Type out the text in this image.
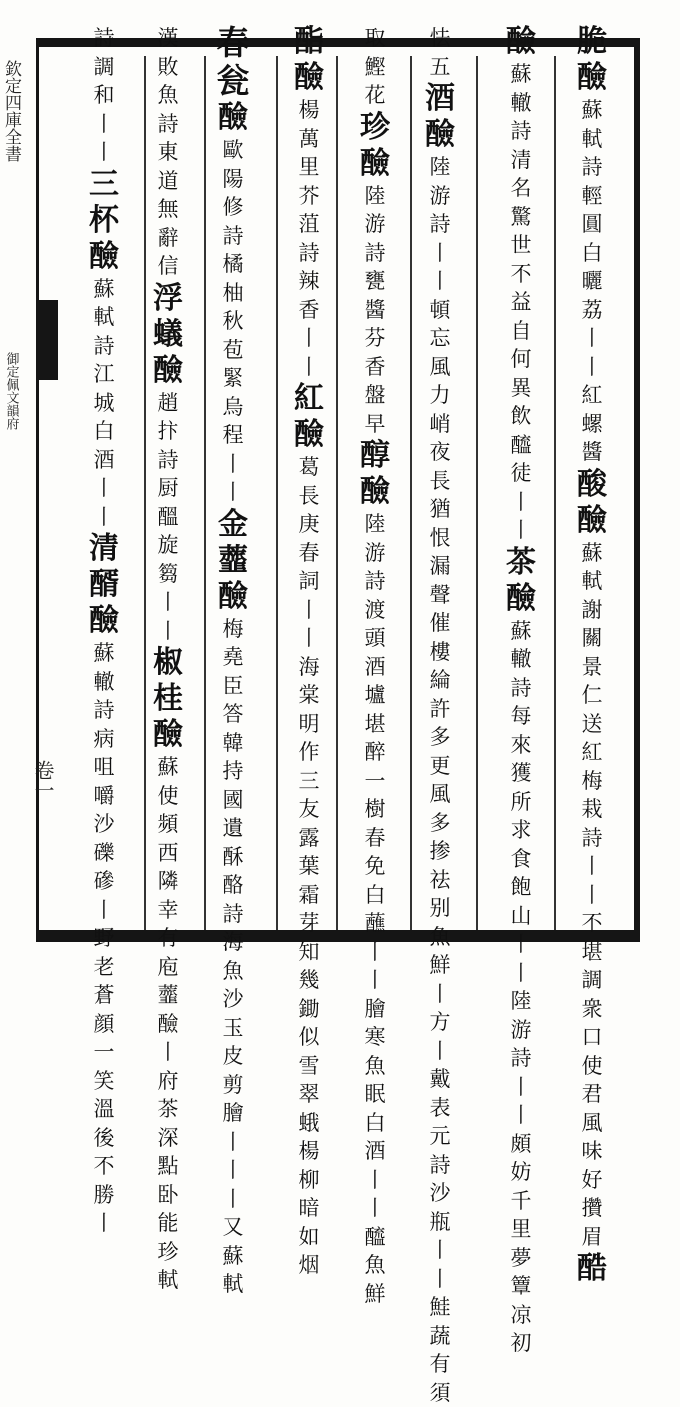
欽定四庫全書
御定佩文韻府
卷一
脆
醶
蘇
軾
詩
輕
圓
白
曬
荔
丨
丨
紅
螺
醬
酸
醶
蘇
軾
謝
關
景
仁
送
紅
梅
栽
詩
丨
丨
不
堪
調
衆
口
使
君
風
味
好
攢
眉
酷
醶
蘇
轍
詩
清
名
驚
世
不
益
自
何
異
飲
醯
徒
丨
丨
茶
醶
蘇
轍
詩
每
來
獲
所
求
食
飽
山
丨
丨
陸
游
詩
丨
丨
頗
妨
千
里
夢
簟
凉
初
怯
五
酒
醶
陸
游
詩
丨
丨
頓
忘
風
力
峭
夜
長
猶
恨
漏
聲
催
樓
綸
許
多
更
風
多
掺
祛
别
魚
鮮
丨
方
丨
戴
表
元
詩
沙
瓶
丨
丨
鮭
蔬
有
須
取
鰹
花
珍
醶
陸
游
詩
甕
醬
芬
香
盤
早
醇
醶
陸
游
詩
渡
頭
酒
壚
堪
醉
一
樹
春
免
白
蘸
丨
丨
膾
寒
魚
眠
白
酒
丨
丨
醯
魚
鮮
酯
醶
楊
萬
里
芥
菹
詩
辣
香
丨
丨
紅
醶
葛
長
庚
春
詞
丨
丨
海
棠
明
作
三
友
露
葉
霜
芽
知
幾
鋤
似
雪
翠
蛾
楊
柳
暗
如
烟
春
瓮
醶
歐
陽
修
詩
橘
柚
秋
苞
緊
烏
程
丨
丨
金
虀
醶
梅
堯
臣
答
韓
持
國
遺
酥
酪
詩
海
魚
沙
玉
皮
剪
膾
丨
丨
丨
又
蘇
軾
漢
敗
魚
詩
東
道
無
辭
信
浮
蟻
醶
趙
抃
詩
厨
醞
旋
篘
丨
丨
椒
桂
醶
蘇
使
頻
西
隣
幸
有
庖
虀
醶
丨
府
茶
深
點
卧
能
珍
軾
詩
調
和
丨
丨
三
杯
醶
蘇
軾
詩
江
城
白
酒
丨
丨
清
醑
醶
蘇
轍
詩
病
咀
嚼
沙
礫
磣
丨
野
老
蒼
顔
一
笑
溫
後
不
勝
丨
